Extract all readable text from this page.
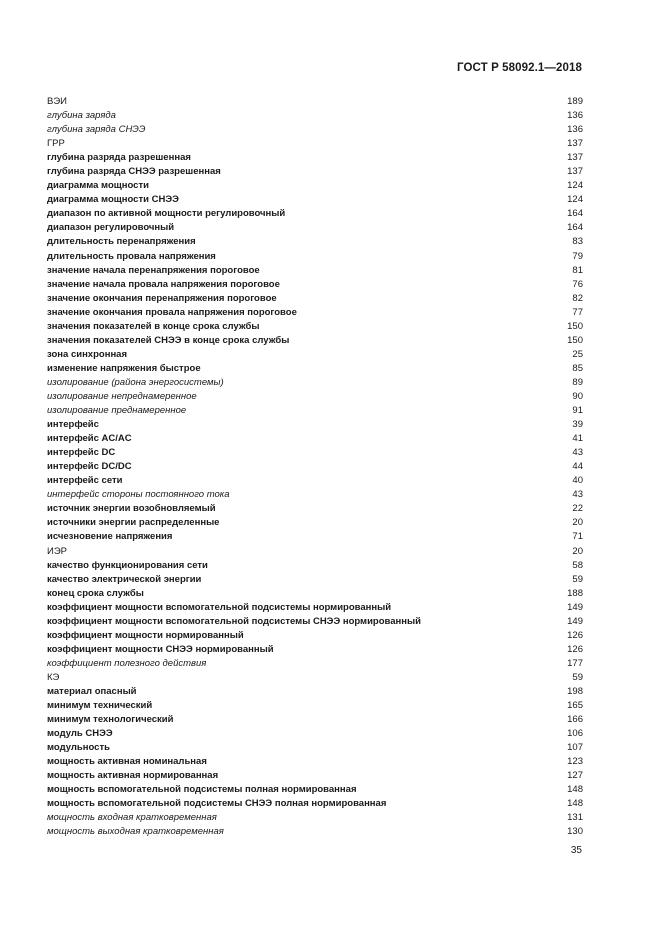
ГОСТ Р 58092.1—2018
ВЭИ	189
глубина заряда	136
глубина заряда СНЭЭ	136
ГРР	137
глубина разряда разрешенная	137
глубина разряда СНЭЭ разрешенная	137
диаграмма мощности	124
диаграмма мощности СНЭЭ	124
диапазон по активной мощности регулировочный	164
диапазон регулировочный	164
длительность перенапряжения	83
длительность провала напряжения	79
значение начала перенапряжения пороговое	81
значение начала провала напряжения пороговое	76
значение окончания перенапряжения пороговое	82
значение окончания провала напряжения пороговое	77
значения показателей в конце срока службы	150
значения показателей СНЭЭ в конце срока службы	150
зона синхронная	25
изменение напряжения быстрое	85
изолирование (района энергосистемы)	89
изолирование непреднамеренное	90
изолирование преднамеренное	91
интерфейс	39
интерфейс AC/AC	41
интерфейс DC	43
интерфейс DC/DC	44
интерфейс сети	40
интерфейс стороны постоянного тока	43
источник энергии возобновляемый	22
источники энергии распределенные	20
исчезновение напряжения	71
ИЭР	20
качество функционирования сети	58
качество электрической энергии	59
конец срока службы	188
коэффициент мощности вспомогательной подсистемы нормированный	149
коэффициент мощности вспомогательной подсистемы СНЭЭ нормированный	149
коэффициент мощности нормированный	126
коэффициент мощности СНЭЭ нормированный	126
коэффициент полезного действия	177
КЭ	59
материал опасный	198
минимум технический	165
минимум технологический	166
модуль СНЭЭ	106
модульность	107
мощность активная номинальная	123
мощность активная нормированная	127
мощность вспомогательной подсистемы полная нормированная	148
мощность вспомогательной подсистемы СНЭЭ полная нормированная	148
мощность входная кратковременная	131
мощность выходная кратковременная	130
35
